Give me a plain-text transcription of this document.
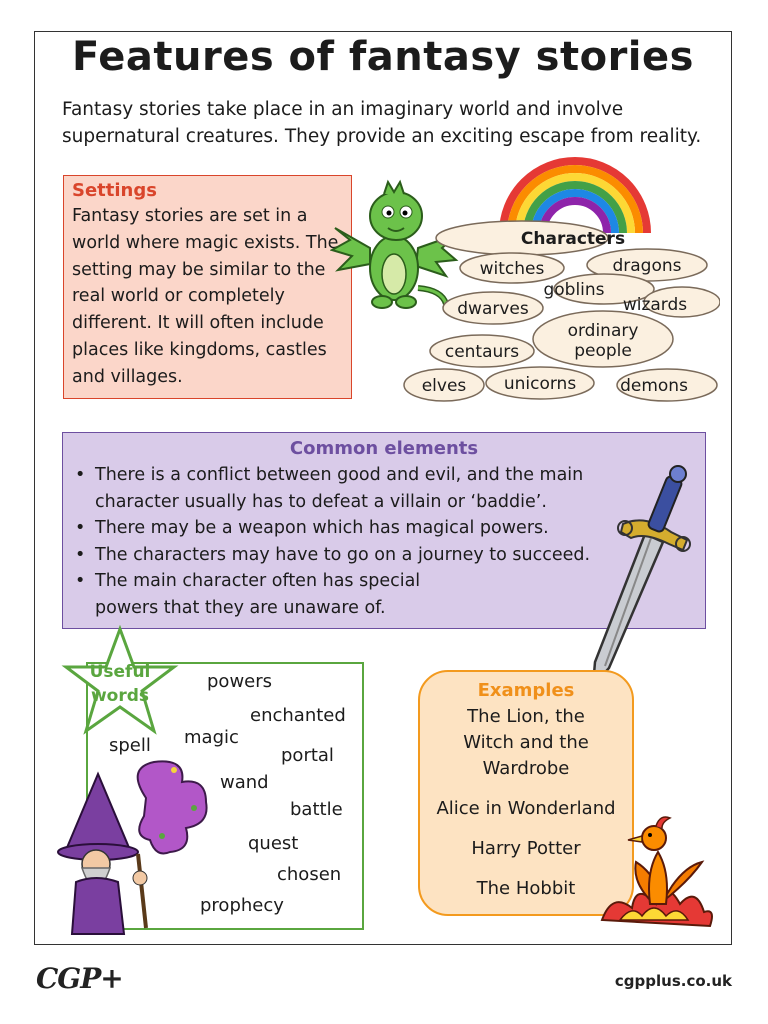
Features of fantasy stories

Fantasy stories take place in an imaginary world and involve supernatural creatures. They provide an exciting escape from reality.

Settings

Fantasy stories are set in a world where magic exists. The setting may be similar to the real world or completely different. It will often include places like kingdoms, castles and villages.

Characters
witches	dragons
goblins
dwarves	wizards
ordinary people
centaurs
elves unicorns	demons
Common elements
• There is a conflict between good and evil, and the main character usually has to defeat a villain or ‘baddie’.
• There may be a weapon which has magical powers.
• The characters may have to go on a journey to succeed.
• The main character often has special powers that they are unaware of.
Useful
words
powers
enchanted
magic
spell	portal
wand
battle
quest
chosen
prophecy
Examples
The Lion, the Witch and the Wardrobe
Alice in Wonderland
Harry Potter
The Hobbit
CGP+	cgpplus.co.uk
